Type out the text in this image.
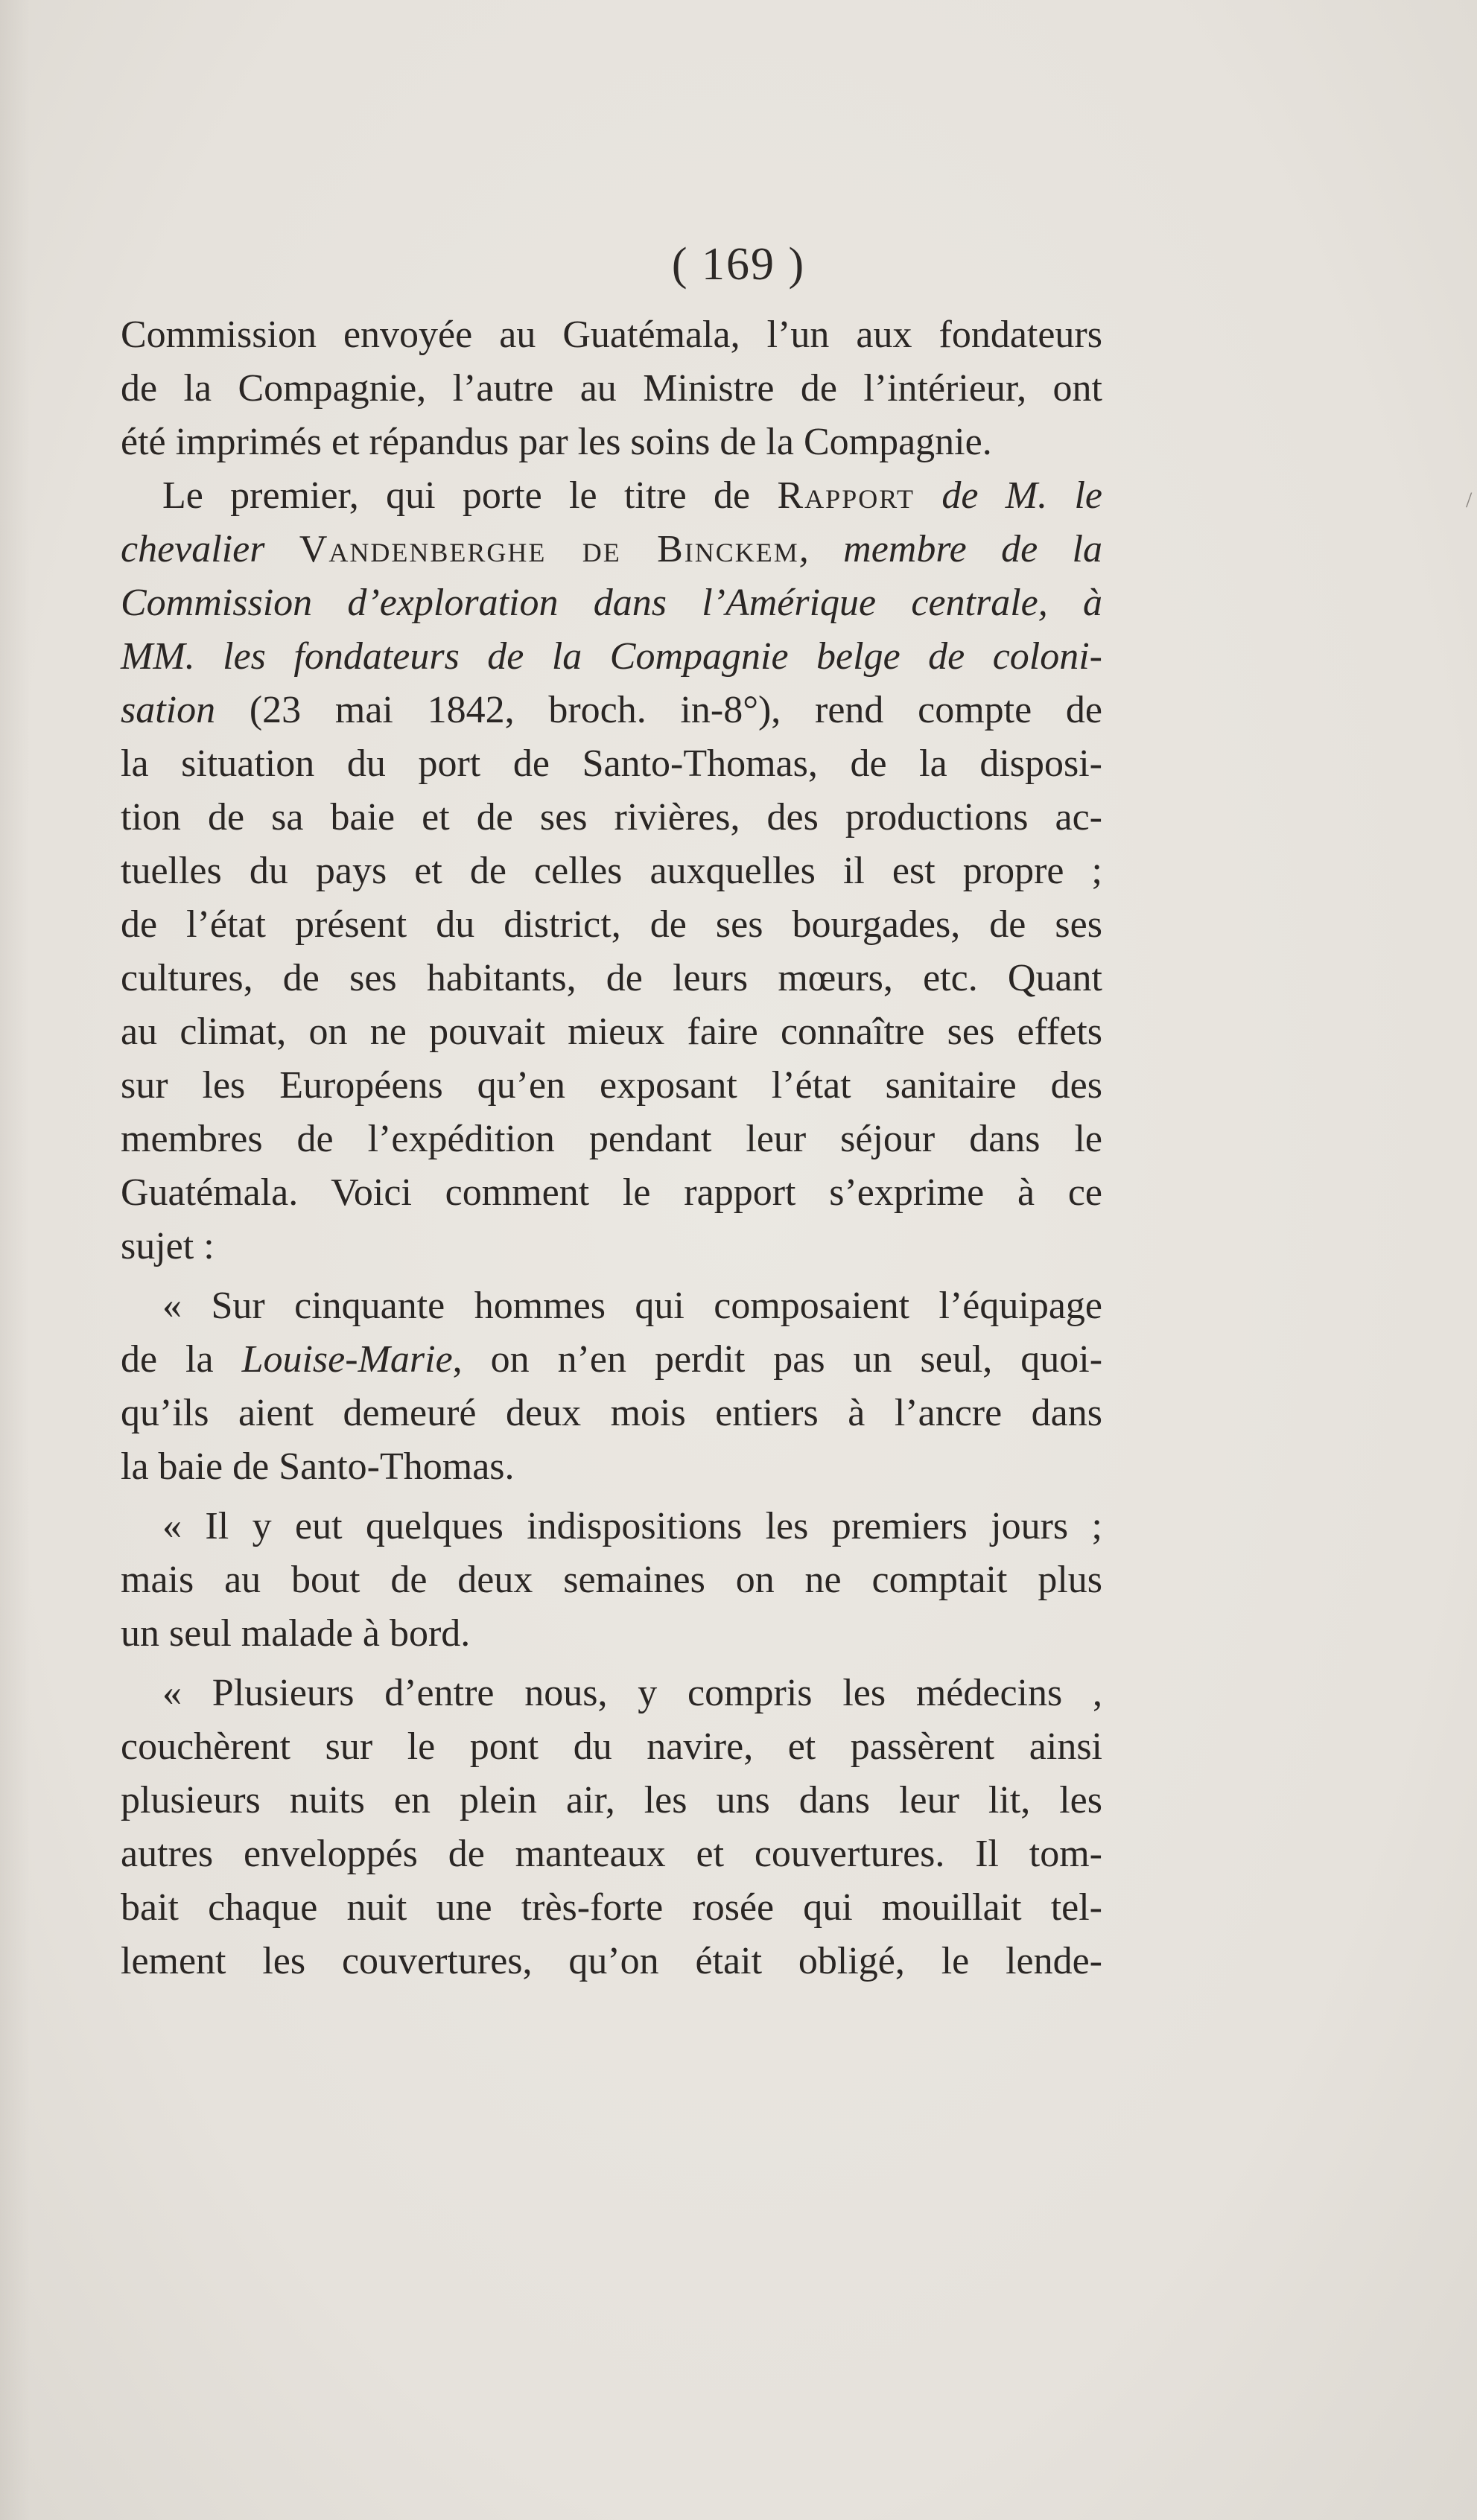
( 169 )
Commission envoyée au Guatémala, l’un aux fondateurs
de la Compagnie, l’autre au Ministre de l’intérieur, ont
été imprimés et répandus par les soins de la Compagnie.
Le premier, qui porte le titre de Rapport de M. le
chevalier Vandenberghe de Binckem, membre de la
Commission d’exploration dans l’Amérique centrale, à
MM. les fondateurs de la Compagnie belge de coloni-
sation (23 mai 1842, broch. in-8°), rend compte de
la situation du port de Santo-Thomas, de la disposi-
tion de sa baie et de ses rivières, des productions ac-
tuelles du pays et de celles auxquelles il est propre ;
de l’état présent du district, de ses bourgades, de ses
cultures, de ses habitants, de leurs mœurs, etc. Quant
au climat, on ne pouvait mieux faire connaître ses effets
sur les Européens qu’en exposant l’état sanitaire des
membres de l’expédition pendant leur séjour dans le
Guatémala. Voici comment le rapport s’exprime à ce
sujet :
« Sur cinquante hommes qui composaient l’équipage
de la Louise-Marie, on n’en perdit pas un seul, quoi-
qu’ils aient demeuré deux mois entiers à l’ancre dans
la baie de Santo-Thomas.
« Il y eut quelques indispositions les premiers jours ;
mais au bout de deux semaines on ne comptait plus
un seul malade à bord.
« Plusieurs d’entre nous, y compris les médecins ,
couchèrent sur le pont du navire, et passèrent ainsi
plusieurs nuits en plein air, les uns dans leur lit, les
autres enveloppés de manteaux et couvertures. Il tom-
bait chaque nuit une très-forte rosée qui mouillait tel-
lement les couvertures, qu’on était obligé, le lende-
/
